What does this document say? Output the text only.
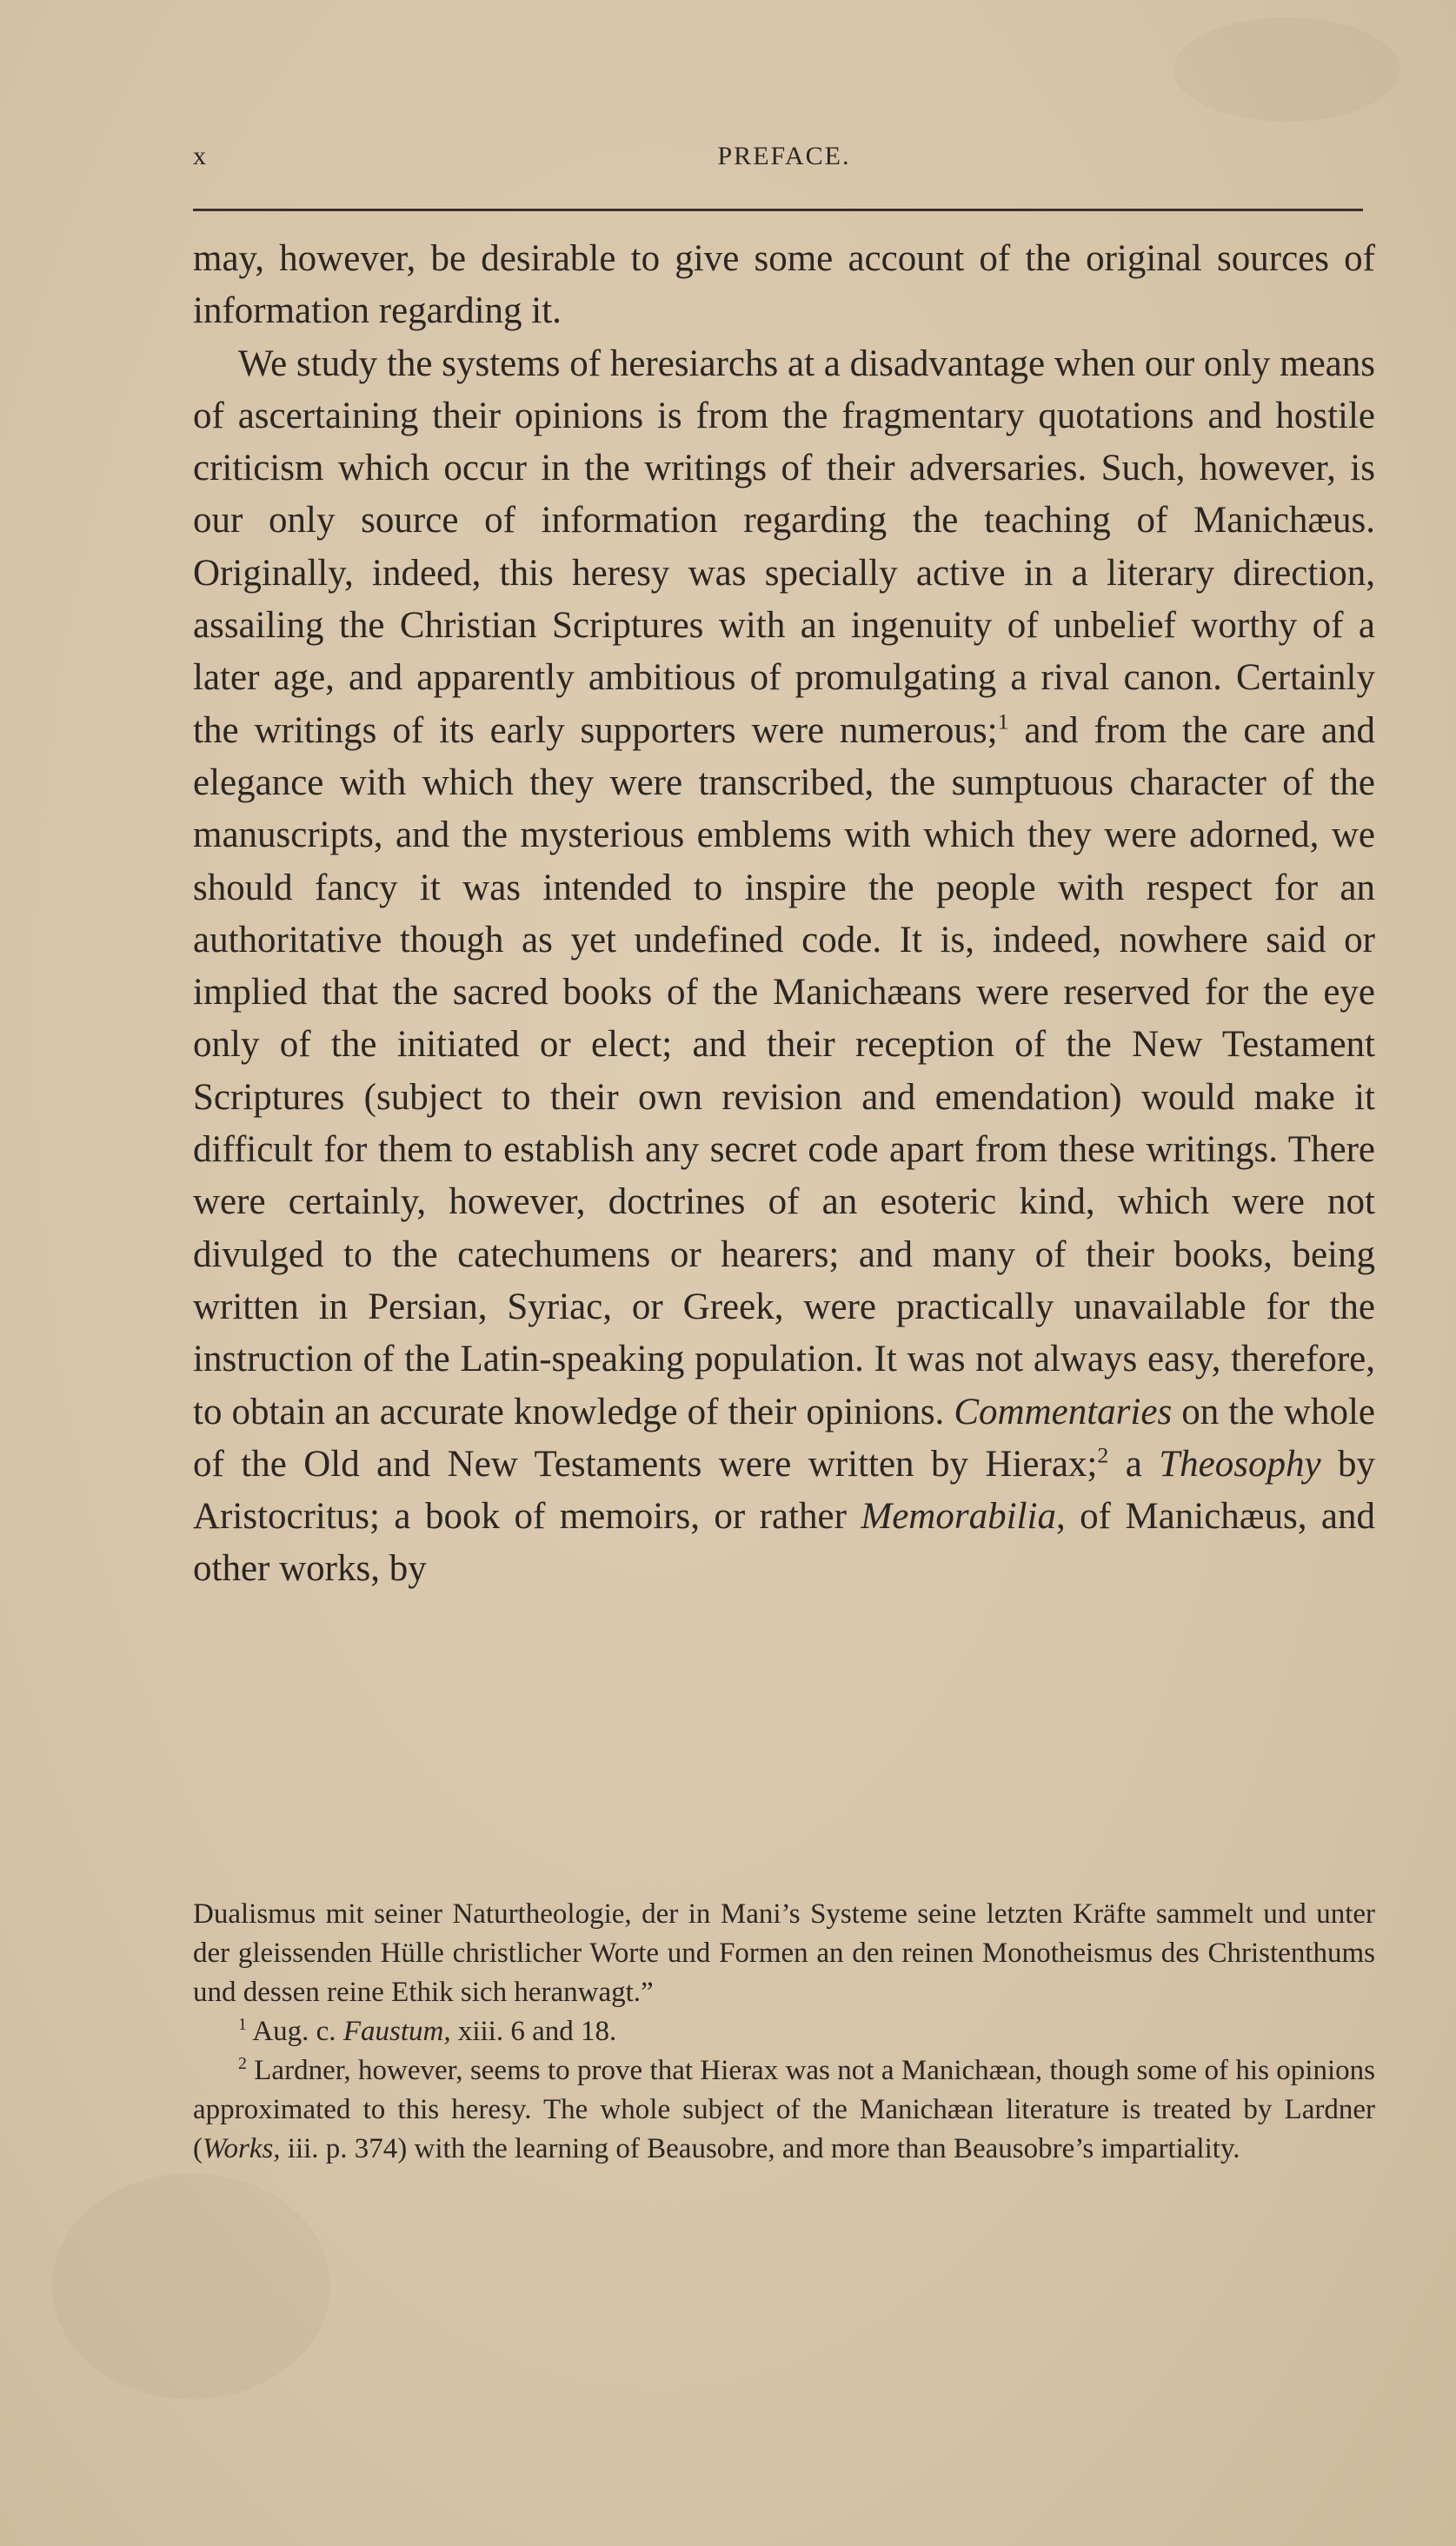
x	PREFACE.

may, however, be desirable to give some account of the original sources of information regarding it.

We study the systems of heresiarchs at a disadvantage when our only means of ascertaining their opinions is from the fragmentary quotations and hostile criticism which occur in the writings of their adversaries. Such, however, is our only source of information regarding the teaching of Manichæus. Originally, indeed, this heresy was specially active in a literary direction, assailing the Christian Scriptures with an ingenuity of unbelief worthy of a later age, and apparently ambitious of promulgating a rival canon. Certainly the writings of its early supporters were numerous;$^1$ and from the care and elegance with which they were transcribed, the sumptuous character of the manuscripts, and the mysterious emblems with which they were adorned, we should fancy it was intended to inspire the people with respect for an authoritative though as yet undefined code. It is, indeed, nowhere said or implied that the sacred books of the Manichæans were reserved for the eye only of the initiated or elect; and their reception of the New Testament Scriptures (subject to their own revision and emendation) would make it difficult for them to establish any secret code apart from these writings. There were certainly, however, doctrines of an esoteric kind, which were not divulged to the catechumens or hearers; and many of their books, being written in Persian, Syriac, or Greek, were practically unavailable for the instruction of the Latin-speaking population. It was not always easy, therefore, to obtain an accurate knowledge of their opinions. Commentaries on the whole of the Old and New Testaments were written by Hierax;$^2$ a Theosophy by Aristocritus; a book of memoirs, or rather Memorabilia, of Manichæus, and other works, by

Dualismus mit seiner Naturtheologie, der in Mani’s Systeme seine letzten Kräfte sammelt und unter der gleissenden Hülle christlicher Worte und Formen an den reinen Monotheismus des Christenthums und dessen reine Ethik sich heranwagt.”

$^1$ Aug. c. Faustum, xiii. 6 and 18.

$^2$ Lardner, however, seems to prove that Hierax was not a Manichæan, though some of his opinions approximated to this heresy. The whole subject of the Manichæan literature is treated by Lardner (Works, iii. p. 374) with the learning of Beausobre, and more than Beausobre’s impartiality.
